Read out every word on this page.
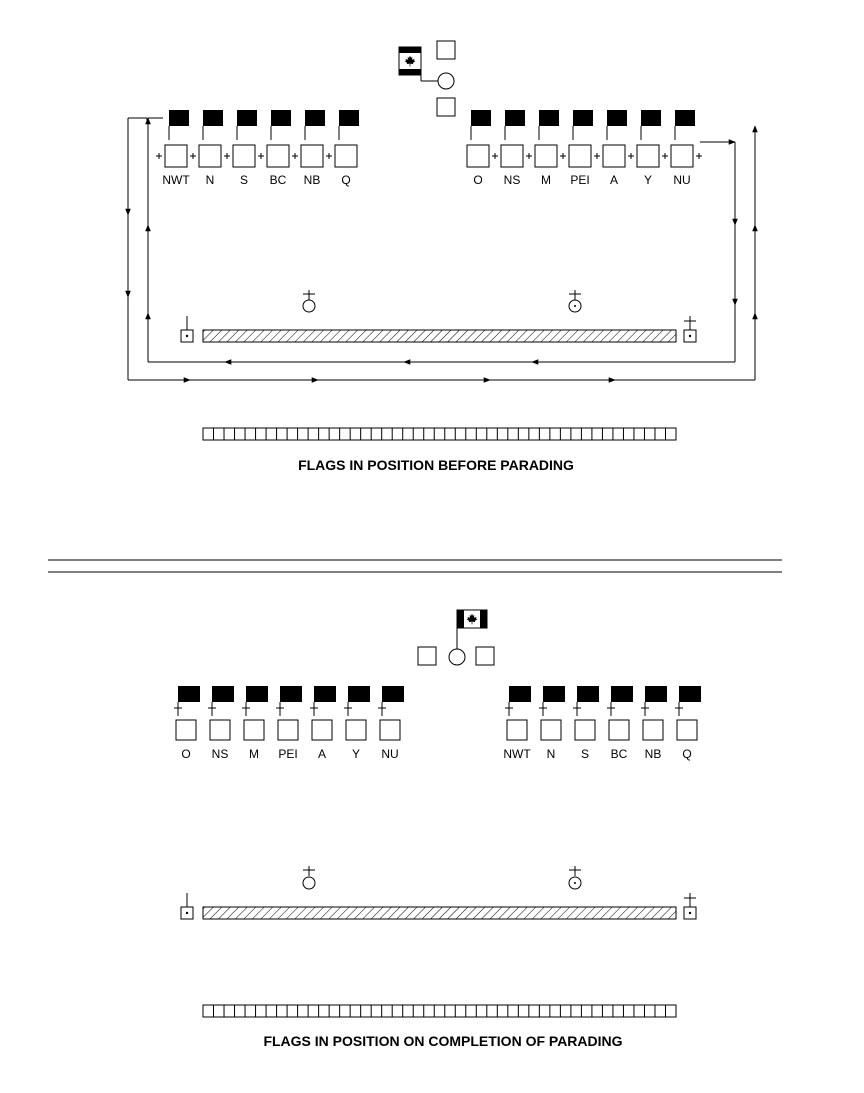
NWT N S BC NB Q	O NS M PEI A Y NU
FLAGS IN POSITION BEFORE PARADING
O NS M PEI A Y NU	NWT N S BC NB Q
FLAGS IN POSITION ON COMPLETION OF PARADING
